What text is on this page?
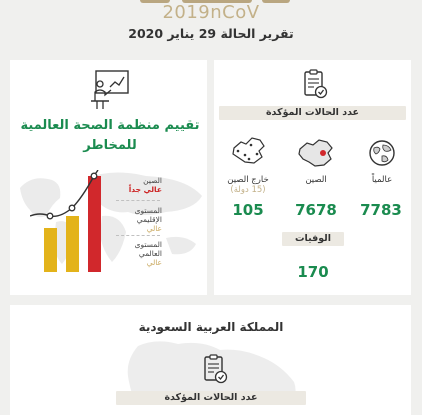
2019nCoV
تقرير الحالة 29 يناير 2020
تقييم منظمة الصحة العالمية للمخاطر
الصين
عالي جداً
المستوى الإقليمي
عالي
المستوى العالمي
عالي
عدد الحالات المؤكدة
عالمياً
الصين
خارج الصين
(15 دولة)
7783
7678
105
الوفيات
170
المملكة العربية السعودية
عدد الحالات المؤكدة
